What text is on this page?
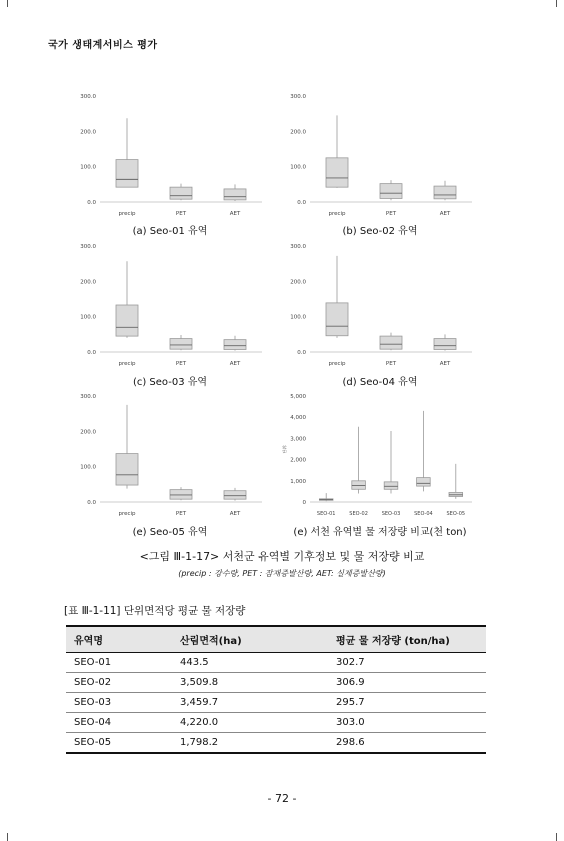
국가 생태계서비스 평가
0.0
100.0
200.0
300.0
precip	PET	AET
0.0
100.0
200.0
300.0
precip	PET	AET
0.0
100.0
200.0
300.0
precip	PET	AET
0.0
100.0
200.0
300.0
precip	PET	AET
0.0
100.0
200.0
300.0
precip	PET	AET
0
1,000
2,000
3,000
4,000
5,000
단위:
SEO-01	SEO-02	SEO-03	SEO-04	SEO-05
(a) Seo-01 유역	(b) Seo-02 유역
(c) Seo-03 유역	(d) Seo-04 유역
(e) Seo-05 유역	(e) 서천 유역별 물 저장량 비교(천 ton)
<그림 Ⅲ-1-17> 서천군 유역별 기후정보 및 물 저장량 비교
(precip : 강수량, PET : 잠재증발산량, AET: 실제증발산량)
[표 Ⅲ-1-11] 단위면적당 평균 물 저장량
유역명	산림면적(ha)	평균 물 저장량 (ton/ha)
SEO-01	443.5	302.7
SEO-02	3,509.8	306.9
SEO-03	3,459.7	295.7
SEO-04	4,220.0	303.0
SEO-05	1,798.2	298.6
- 72 -
